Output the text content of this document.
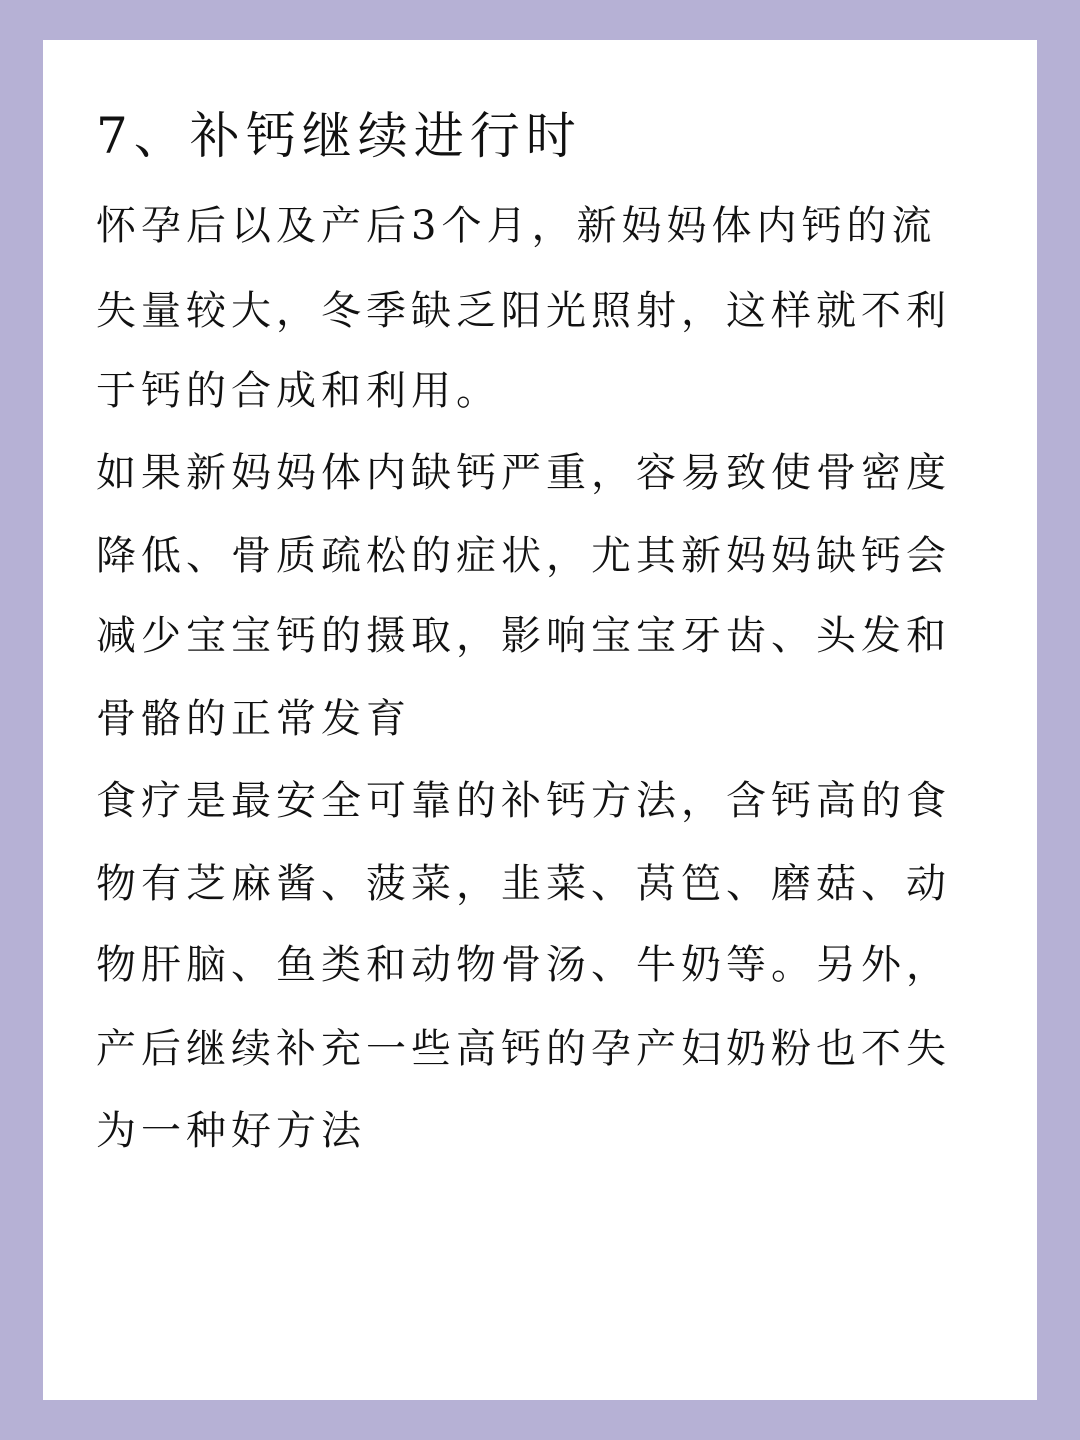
7、补钙继续进行时
怀孕后以及产后3个月，新妈妈体内钙的流
失量较大，冬季缺乏阳光照射，这样就不利
于钙的合成和利用。
如果新妈妈体内缺钙严重，容易致使骨密度
降低、骨质疏松的症状，尤其新妈妈缺钙会
减少宝宝钙的摄取，影响宝宝牙齿、头发和
骨骼的正常发育
食疗是最安全可靠的补钙方法，含钙高的食
物有芝麻酱、菠菜，韭菜、莴笆、磨菇、动
物肝脑、鱼类和动物骨汤、牛奶等。另外，
产后继续补充一些高钙的孕产妇奶粉也不失
为一种好方法
